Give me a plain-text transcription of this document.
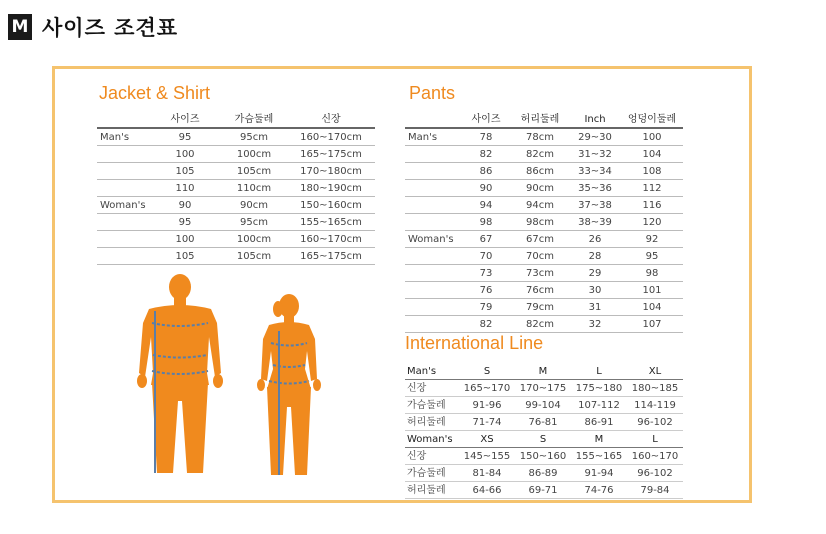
M 사이즈 조견표
Jacket & Shirt
	사이즈	가슴둘레	신장
Man's	95	95cm	160~170cm
	100	100cm	165~175cm
	105	105cm	170~180cm
	110	110cm	180~190cm
Woman's	90	90cm	150~160cm
	95	95cm	155~165cm
	100	100cm	160~170cm
	105	105cm	165~175cm
Pants
	사이즈	허리둘레	Inch	엉덩이둘레
Man's	78	78cm	29~30	100
	82	82cm	31~32	104
	86	86cm	33~34	108
	90	90cm	35~36	112
	94	94cm	37~38	116
	98	98cm	38~39	120
Woman's	67	67cm	26	92
	70	70cm	28	95
	73	73cm	29	98
	76	76cm	30	101
	79	79cm	31	104
	82	82cm	32	107
International Line
Man's	S	M	L	XL
신장	165~170	170~175	175~180	180~185
가슴둘레	91-96	99-104	107-112	114-119
허리둘레	71-74	76-81	86-91	96-102
Woman's	XS	S	M	L
신장	145~155	150~160	155~165	160~170
가슴둘레	81-84	86-89	91-94	96-102
허리둘레	64-66	69-71	74-76	79-84
